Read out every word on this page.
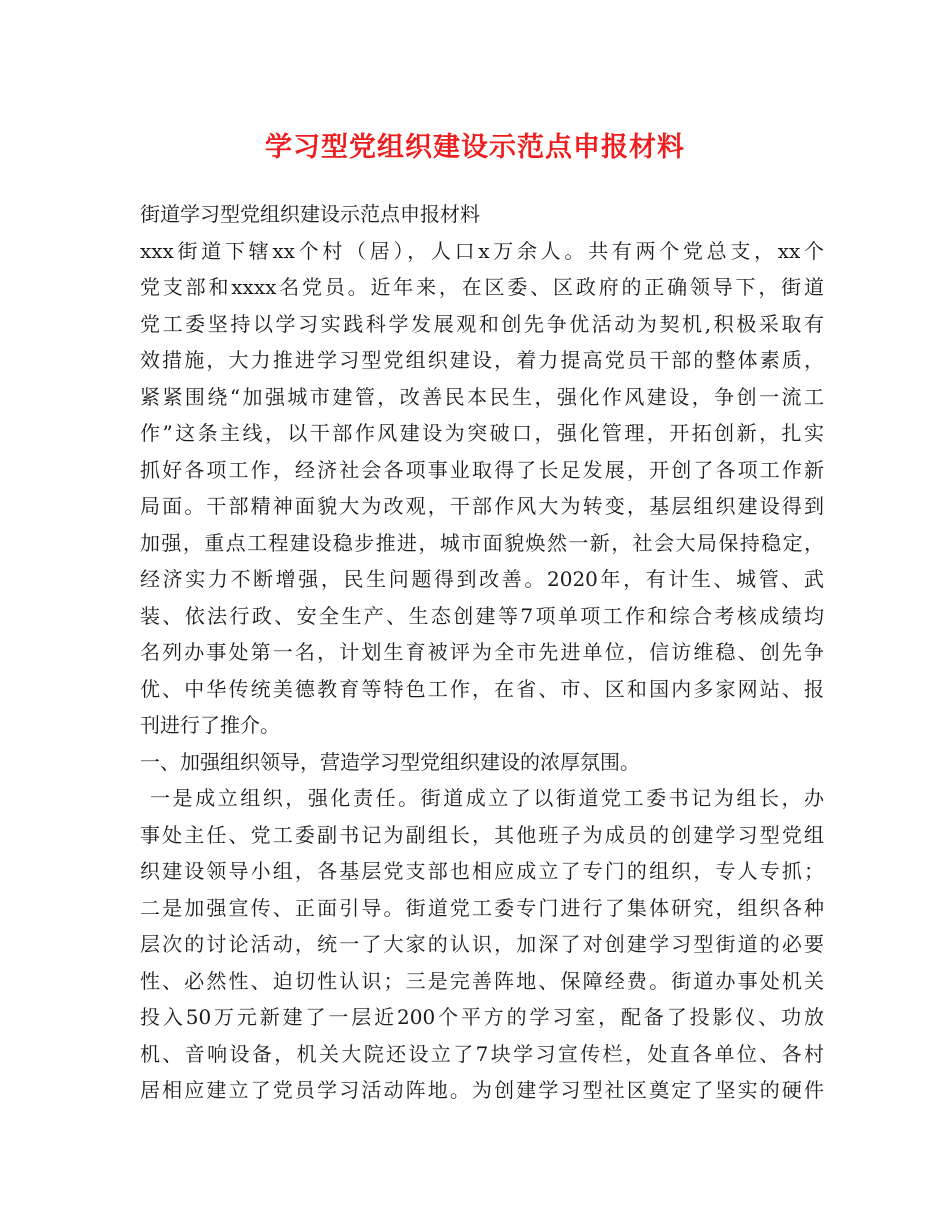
学习型党组织建设示范点申报材料
街道学习型党组织建设示范点申报材料
xxx街道下辖xx个村（居），人口x万余人。共有两个党总支，xx个
党支部和xxxx名党员。近年来，在区委、区政府的正确领导下，街道
党工委坚持以学习实践科学发展观和创先争优活动为契机,积极采取有
效措施，大力推进学习型党组织建设，着力提高党员干部的整体素质，
紧紧围绕“加强城市建管，改善民本民生，强化作风建设，争创一流工
作”这条主线，以干部作风建设为突破口，强化管理，开拓创新，扎实
抓好各项工作，经济社会各项事业取得了长足发展，开创了各项工作新
局面。干部精神面貌大为改观，干部作风大为转变，基层组织建设得到
加强，重点工程建设稳步推进，城市面貌焕然一新，社会大局保持稳定，
经济实力不断增强，民生问题得到改善。2020年，有计生、城管、武
装、依法行政、安全生产、生态创建等7项单项工作和综合考核成绩均
名列办事处第一名，计划生育被评为全市先进单位，信访维稳、创先争
优、中华传统美德教育等特色工作，在省、市、区和国内多家网站、报
刊进行了推介。
一、加强组织领导，营造学习型党组织建设的浓厚氛围。
一是成立组织，强化责任。街道成立了以街道党工委书记为组长，办
事处主任、党工委副书记为副组长，其他班子为成员的创建学习型党组
织建设领导小组，各基层党支部也相应成立了专门的组织，专人专抓；
二是加强宣传、正面引导。街道党工委专门进行了集体研究，组织各种
层次的讨论活动，统一了大家的认识，加深了对创建学习型街道的必要
性、必然性、迫切性认识；三是完善阵地、保障经费。街道办事处机关
投入50万元新建了一层近200个平方的学习室，配备了投影仪、功放
机、音响设备，机关大院还设立了7块学习宣传栏，处直各单位、各村
居相应建立了党员学习活动阵地。为创建学习型社区奠定了坚实的硬件
